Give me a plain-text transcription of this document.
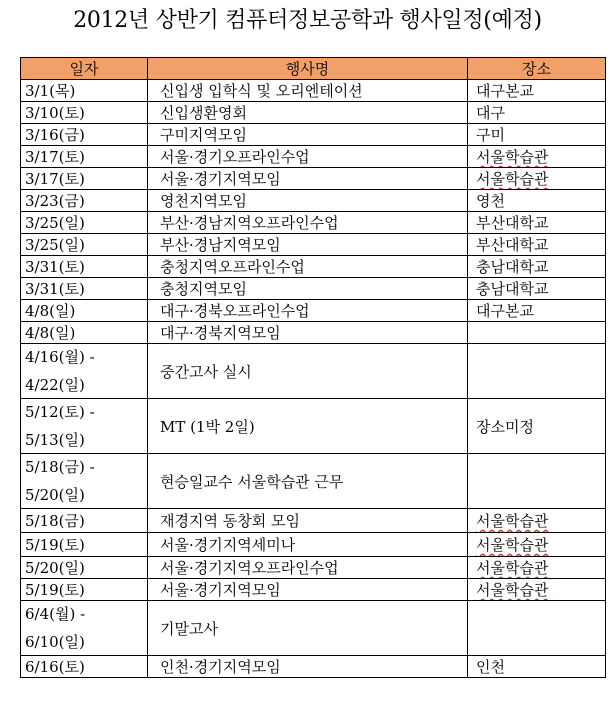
2012년 상반기 컴퓨터정보공학과 행사일정(예정)
일자	행사명	장소
3/1(목)	신입생 입학식 및 오리엔테이션	대구본교
3/10(토)	신입생환영회	대구
3/16(금)	구미지역모임	구미
3/17(토)	서울·경기오프라인수업	서울학습관
3/17(토)	서울·경기지역모임	서울학습관
3/23(금)	영천지역모임	영천
3/25(일)	부산·경남지역오프라인수업	부산대학교
3/25(일)	부산·경남지역모임	부산대학교
3/31(토)	충청지역오프라인수업	충남대학교
3/31(토)	충청지역모임	충남대학교
4/8(일)	대구·경북오프라인수업	대구본교
4/8(일)	대구·경북지역모임	

4/16(월) -
4/22(일)	중간고사 실시	

5/12(토) -
5/13(일)	MT (1박 2일)	장소미정

5/18(금) -
5/20(일)	현승일교수 서울학습관 근무	
5/18(금)	재경지역 동창회 모임	서울학습관
5/19(토)	서울·경기지역세미나	서울학습관
5/20(일)	서울·경기지역오프라인수업	서울학습관
5/19(토)	서울·경기지역모임	서울학습관

6/4(월) -
6/10(일)	기말고사	
6/16(토)	인천·경기지역모임	인천
